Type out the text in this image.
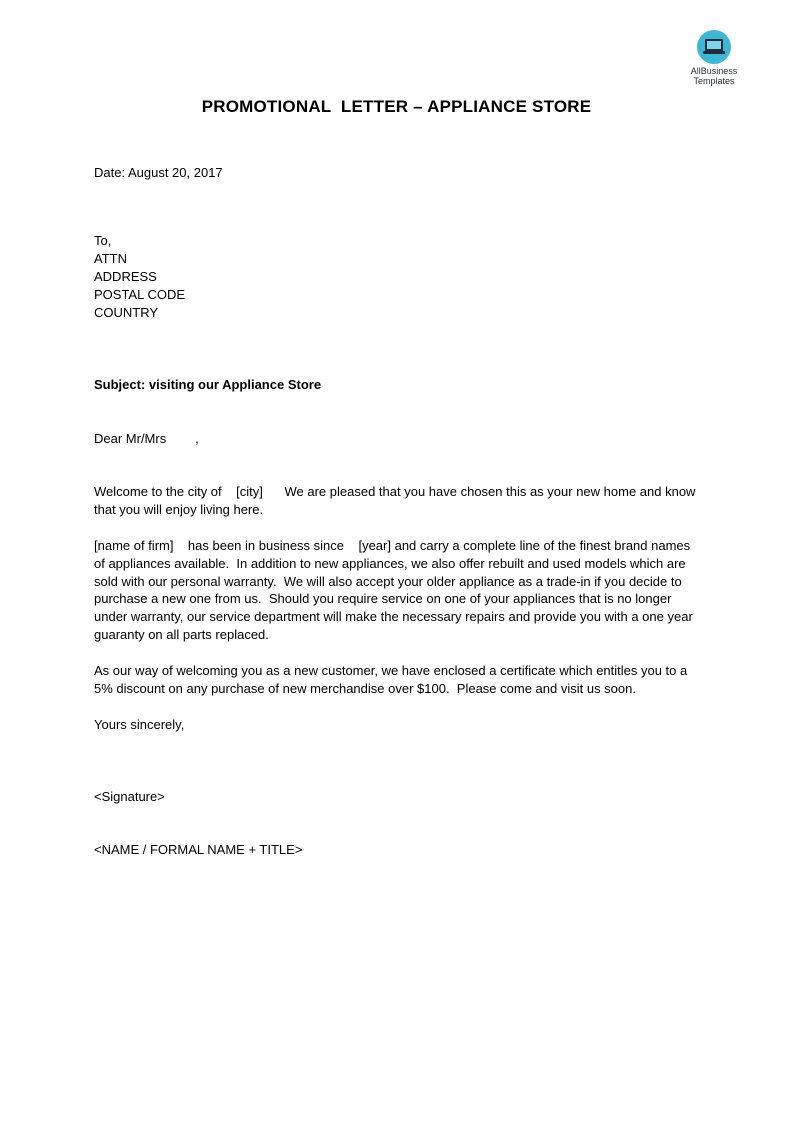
AllBusiness
Templates
PROMOTIONAL  LETTER – APPLIANCE STORE
Date: August 20, 2017
To,
ATTN
ADDRESS
POSTAL CODE
COUNTRY
Subject: visiting our Appliance Store
Dear Mr/Mrs        ,
Welcome to the city of    [city]      We are pleased that you have chosen this as your new home and know that you will enjoy living here.
[name of firm]    has been in business since    [year] and carry a complete line of the finest brand names of appliances available.  In addition to new appliances, we also offer rebuilt and used models which are sold with our personal warranty.  We will also accept your older appliance as a trade-in if you decide to purchase a new one from us.  Should you require service on one of your appliances that is no longer under warranty, our service department will make the necessary repairs and provide you with a one year guaranty on all parts replaced.
As our way of welcoming you as a new customer, we have enclosed a certificate which entitles you to a 5% discount on any purchase of new merchandise over $100.  Please come and visit us soon.
Yours sincerely,
<Signature>
<NAME / FORMAL NAME + TITLE>
